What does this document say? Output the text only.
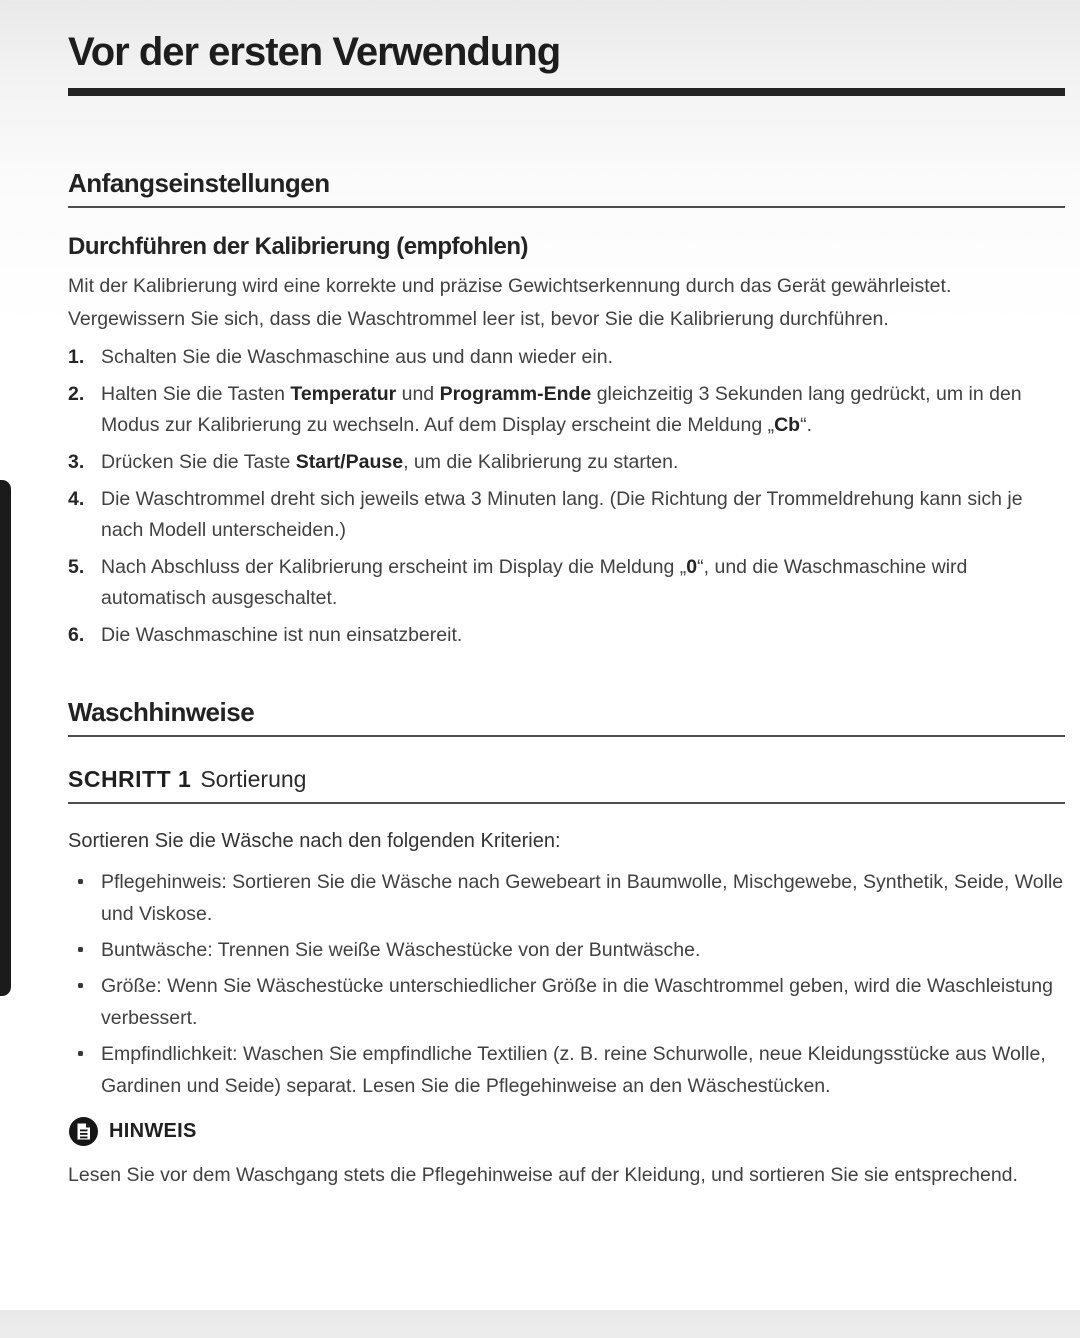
Vor der ersten Verwendung
Anfangseinstellungen
Durchführen der Kalibrierung (empfohlen)

Mit der Kalibrierung wird eine korrekte und präzise Gewichtserkennung durch das Gerät gewährleistet. Vergewissern Sie sich, dass die Waschtrommel leer ist, bevor Sie die Kalibrierung durchführen.

1. Schalten Sie die Waschmaschine aus und dann wieder ein.
2. Halten Sie die Tasten Temperatur und Programm-Ende gleichzeitig 3 Sekunden lang gedrückt, um in den Modus zur Kalibrierung zu wechseln. Auf dem Display erscheint die Meldung „Cb“.
3. Drücken Sie die Taste Start/Pause, um die Kalibrierung zu starten.
4. Die Waschtrommel dreht sich jeweils etwa 3 Minuten lang. (Die Richtung der Trommeldrehung kann sich je nach Modell unterscheiden.)
5. Nach Abschluss der Kalibrierung erscheint im Display die Meldung „0“, und die Waschmaschine wird automatisch ausgeschaltet.
6. Die Waschmaschine ist nun einsatzbereit.
Waschhinweise
SCHRITT 1 Sortierung

Sortieren Sie die Wäsche nach den folgenden Kriterien:

Pflegehinweis: Sortieren Sie die Wäsche nach Gewebeart in Baumwolle, Mischgewebe, Synthetik, Seide, Wolle und Viskose.
Buntwäsche: Trennen Sie weiße Wäschestücke von der Buntwäsche.
Größe: Wenn Sie Wäschestücke unterschiedlicher Größe in die Waschtrommel geben, wird die Waschleistung verbessert.
Empfindlichkeit: Waschen Sie empfindliche Textilien (z. B. reine Schurwolle, neue Kleidungsstücke aus Wolle, Gardinen und Seide) separat. Lesen Sie die Pflegehinweise an den Wäschestücken.
HINWEIS

Lesen Sie vor dem Waschgang stets die Pflegehinweise auf der Kleidung, und sortieren Sie sie entsprechend.
